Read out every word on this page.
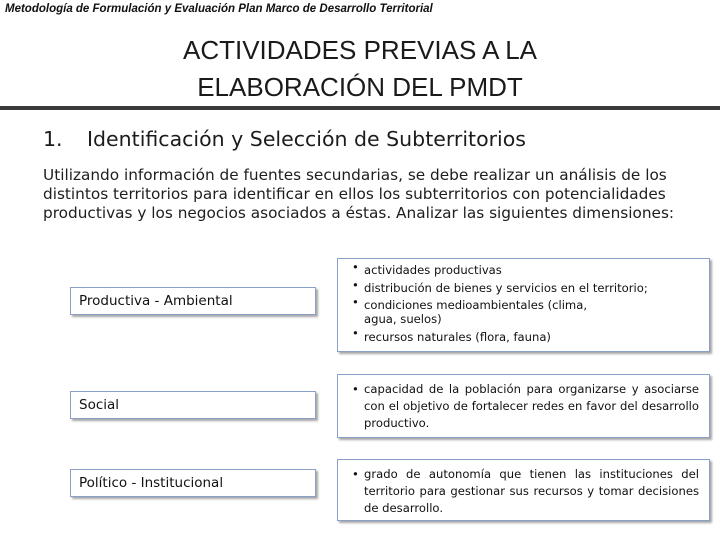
Metodología de Formulación y Evaluación Plan Marco de Desarrollo Territorial
ACTIVIDADES PREVIAS A LA
ELABORACIÓN DEL PMDT
1. Identificación y Selección de Subterritorios
Utilizando información de fuentes secundarias, se debe realizar un análisis de los distintos territorios para identificar en ellos los subterritorios con potencialidades productivas y los negocios asociados a éstas. Analizar las siguientes dimensiones:
Productiva - Ambiental
• actividades productivas
• distribución de bienes y servicios en el territorio;
• condiciones medioambientales (clima, agua, suelos)
• recursos naturales (flora, fauna)
Social
• capacidad de la población para organizarse y asociarse con el objetivo de fortalecer redes en favor del desarrollo productivo.
Político - Institucional
• grado de autonomía que tienen las instituciones del territorio para gestionar sus recursos y tomar decisiones de desarrollo.
